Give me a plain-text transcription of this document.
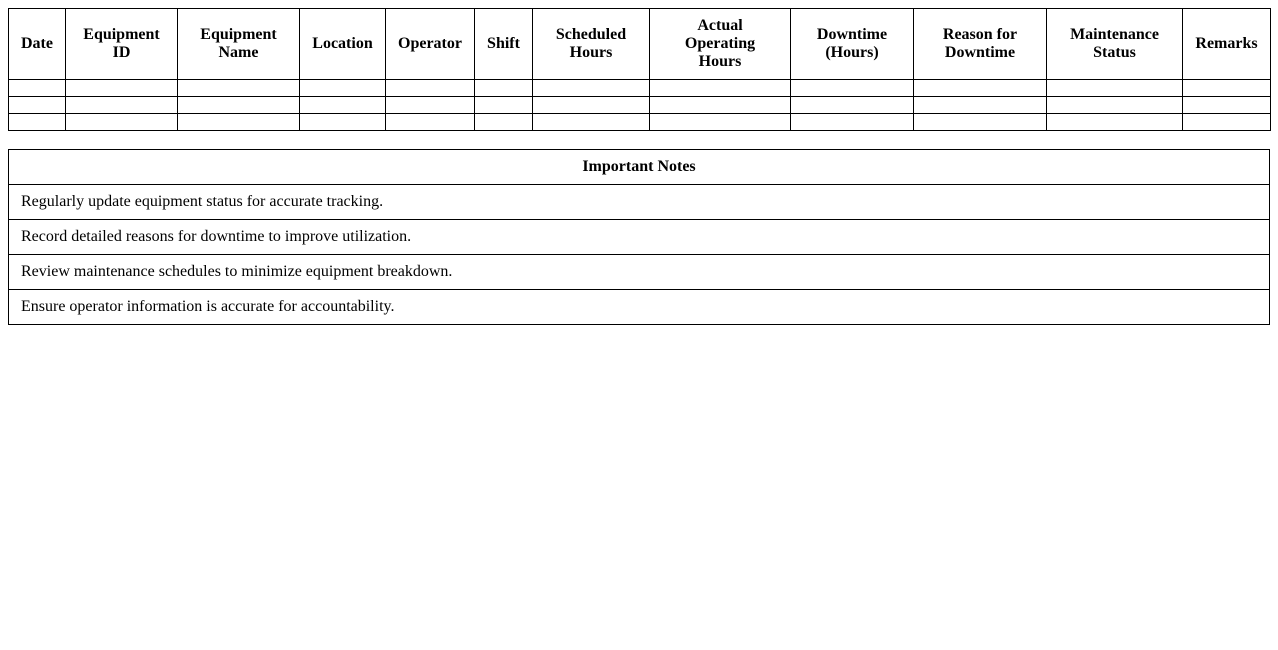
Date	Equipment ID	Equipment Name	Location	Operator	Shift	Scheduled Hours	Actual Operating Hours	Downtime (Hours)	Reason for Downtime	Maintenance Status	Remarks

Important Notes
Regularly update equipment status for accurate tracking.
Record detailed reasons for downtime to improve utilization.
Review maintenance schedules to minimize equipment breakdown.
Ensure operator information is accurate for accountability.
